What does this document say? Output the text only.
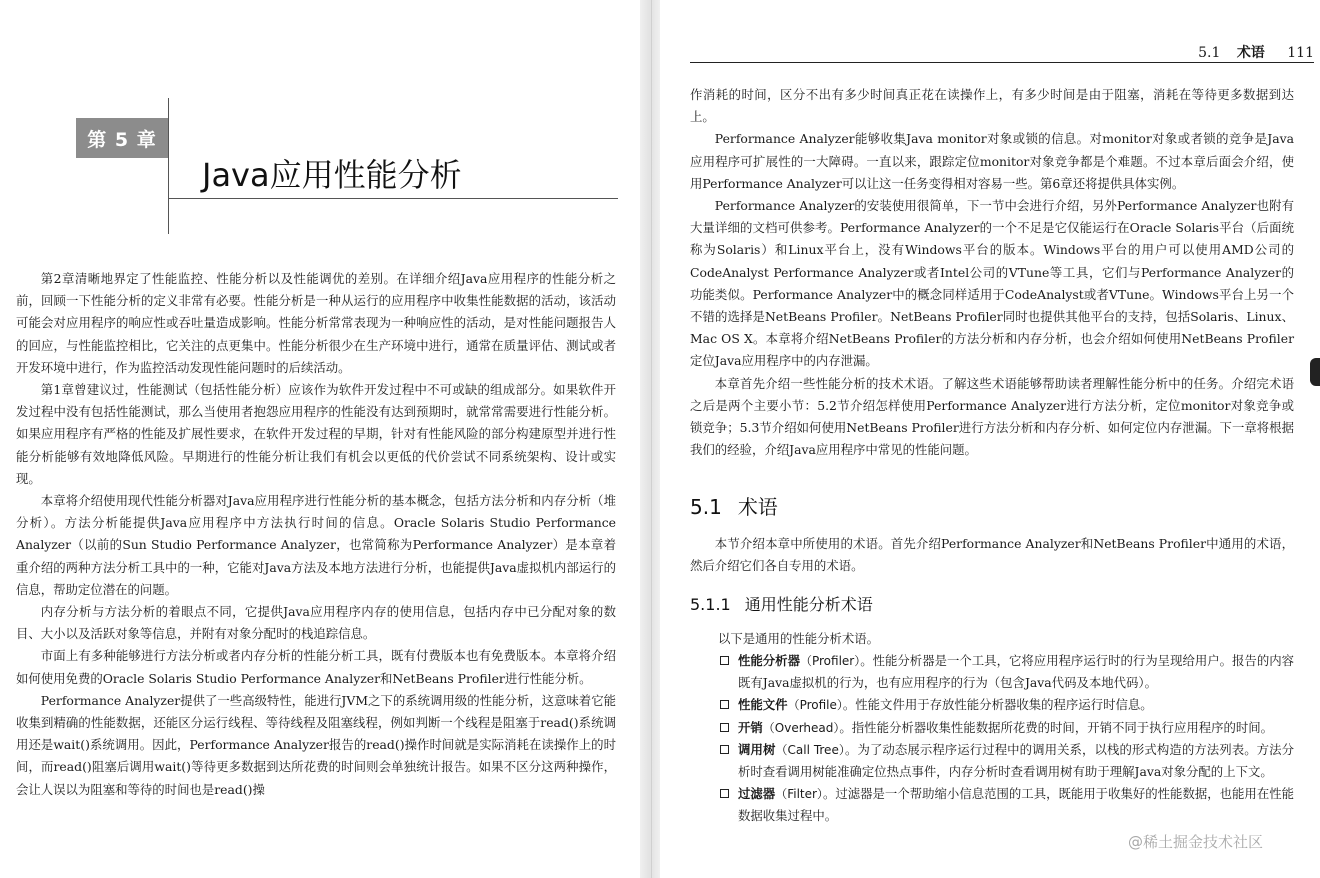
第 5 章
Java应用性能分析

第2章清晰地界定了性能监控、性能分析以及性能调优的差别。在详细介绍Java应用程序的性能分析之前，回顾一下性能分析的定义非常有必要。性能分析是一种从运行的应用程序中收集性能数据的活动，该活动可能会对应用程序的响应性或吞吐量造成影响。性能分析常常表现为一种响应性的活动，是对性能问题报告人的回应，与性能监控相比，它关注的点更集中。性能分析很少在生产环境中进行，通常在质量评估、测试或者开发环境中进行，作为监控活动发现性能问题时的后续活动。

第1章曾建议过，性能测试（包括性能分析）应该作为软件开发过程中不可或缺的组成部分。如果软件开发过程中没有包括性能测试，那么当使用者抱怨应用程序的性能没有达到预期时，就常常需要进行性能分析。如果应用程序有严格的性能及扩展性要求，在软件开发过程的早期，针对有性能风险的部分构建原型并进行性能分析能够有效地降低风险。早期进行的性能分析让我们有机会以更低的代价尝试不同系统架构、设计或实现。

本章将介绍使用现代性能分析器对Java应用程序进行性能分析的基本概念，包括方法分析和内存分析（堆分析）。方法分析能提供Java应用程序中方法执行时间的信息。Oracle Solaris Studio Performance Analyzer（以前的Sun Studio Performance Analyzer，也常简称为Performance Analyzer）是本章着重介绍的两种方法分析工具中的一种，它能对Java方法及本地方法进行分析，也能提供Java虚拟机内部运行的信息，帮助定位潜在的问题。

内存分析与方法分析的着眼点不同，它提供Java应用程序内存的使用信息，包括内存中已分配对象的数目、大小以及活跃对象等信息，并附有对象分配时的栈追踪信息。

市面上有多种能够进行方法分析或者内存分析的性能分析工具，既有付费版本也有免费版本。本章将介绍如何使用免费的Oracle Solaris Studio Performance Analyzer和NetBeans Profiler进行性能分析。

Performance Analyzer提供了一些高级特性，能进行JVM之下的系统调用级的性能分析，这意味着它能收集到精确的性能数据，还能区分运行线程、等待线程及阻塞线程，例如判断一个线程是阻塞于read()系统调用还是wait()系统调用。因此，Performance Analyzer报告的read()操作时间就是实际消耗在读操作上的时间，而read()阻塞后调用wait()等待更多数据到达所花费的时间则会单独统计报告。如果不区分这两种操作，会让人误以为阻塞和等待的时间也是read()操

5.1 术语 111

作消耗的时间，区分不出有多少时间真正花在读操作上，有多少时间是由于阻塞，消耗在等待更多数据到达上。

Performance Analyzer能够收集Java monitor对象或锁的信息。对monitor对象或者锁的竞争是Java应用程序可扩展性的一大障碍。一直以来，跟踪定位monitor对象竞争都是个难题。不过本章后面会介绍，使用Performance Analyzer可以让这一任务变得相对容易一些。第6章还将提供具体实例。

Performance Analyzer的安装使用很简单，下一节中会进行介绍，另外Performance Analyzer也附有大量详细的文档可供参考。Performance Analyzer的一个不足是它仅能运行在Oracle Solaris平台（后面统称为Solaris）和Linux平台上，没有Windows平台的版本。Windows平台的用户可以使用AMD公司的CodeAnalyst Performance Analyzer或者Intel公司的VTune等工具，它们与Performance Analyzer的功能类似。Performance Analyzer中的概念同样适用于CodeAnalyst或者VTune。Windows平台上另一个不错的选择是NetBeans Profiler。NetBeans Profiler同时也提供其他平台的支持，包括Solaris、Linux、Mac OS X。本章将介绍NetBeans Profiler的方法分析和内存分析，也会介绍如何使用NetBeans Profiler定位Java应用程序中的内存泄漏。

本章首先介绍一些性能分析的技术术语。了解这些术语能够帮助读者理解性能分析中的任务。介绍完术语之后是两个主要小节：5.2节介绍怎样使用Performance Analyzer进行方法分析，定位monitor对象竞争或锁竞争；5.3节介绍如何使用NetBeans Profiler进行方法分析和内存分析、如何定位内存泄漏。下一章将根据我们的经验，介绍Java应用程序中常见的性能问题。

5.1 术语

本节介绍本章中所使用的术语。首先介绍Performance Analyzer和NetBeans Profiler中通用的术语，然后介绍它们各自专用的术语。

5.1.1 通用性能分析术语
以下是通用的性能分析术语。
性能分析器（Profiler）。性能分析器是一个工具，它将应用程序运行时的行为呈现给用户。报告的内容既有Java虚拟机的行为，也有应用程序的行为（包含Java代码及本地代码）。
性能文件（Profile）。性能文件用于存放性能分析器收集的程序运行时信息。
开销（Overhead）。指性能分析器收集性能数据所花费的时间，开销不同于执行应用程序的时间。
调用树（Call Tree）。为了动态展示程序运行过程中的调用关系，以栈的形式构造的方法列表。方法分析时查看调用树能准确定位热点事件，内存分析时查看调用树有助于理解Java对象分配的上下文。
过滤器（Filter）。过滤器是一个帮助缩小信息范围的工具，既能用于收集好的性能数据，也能用在性能数据收集过程中。
@稀土掘金技术社区
